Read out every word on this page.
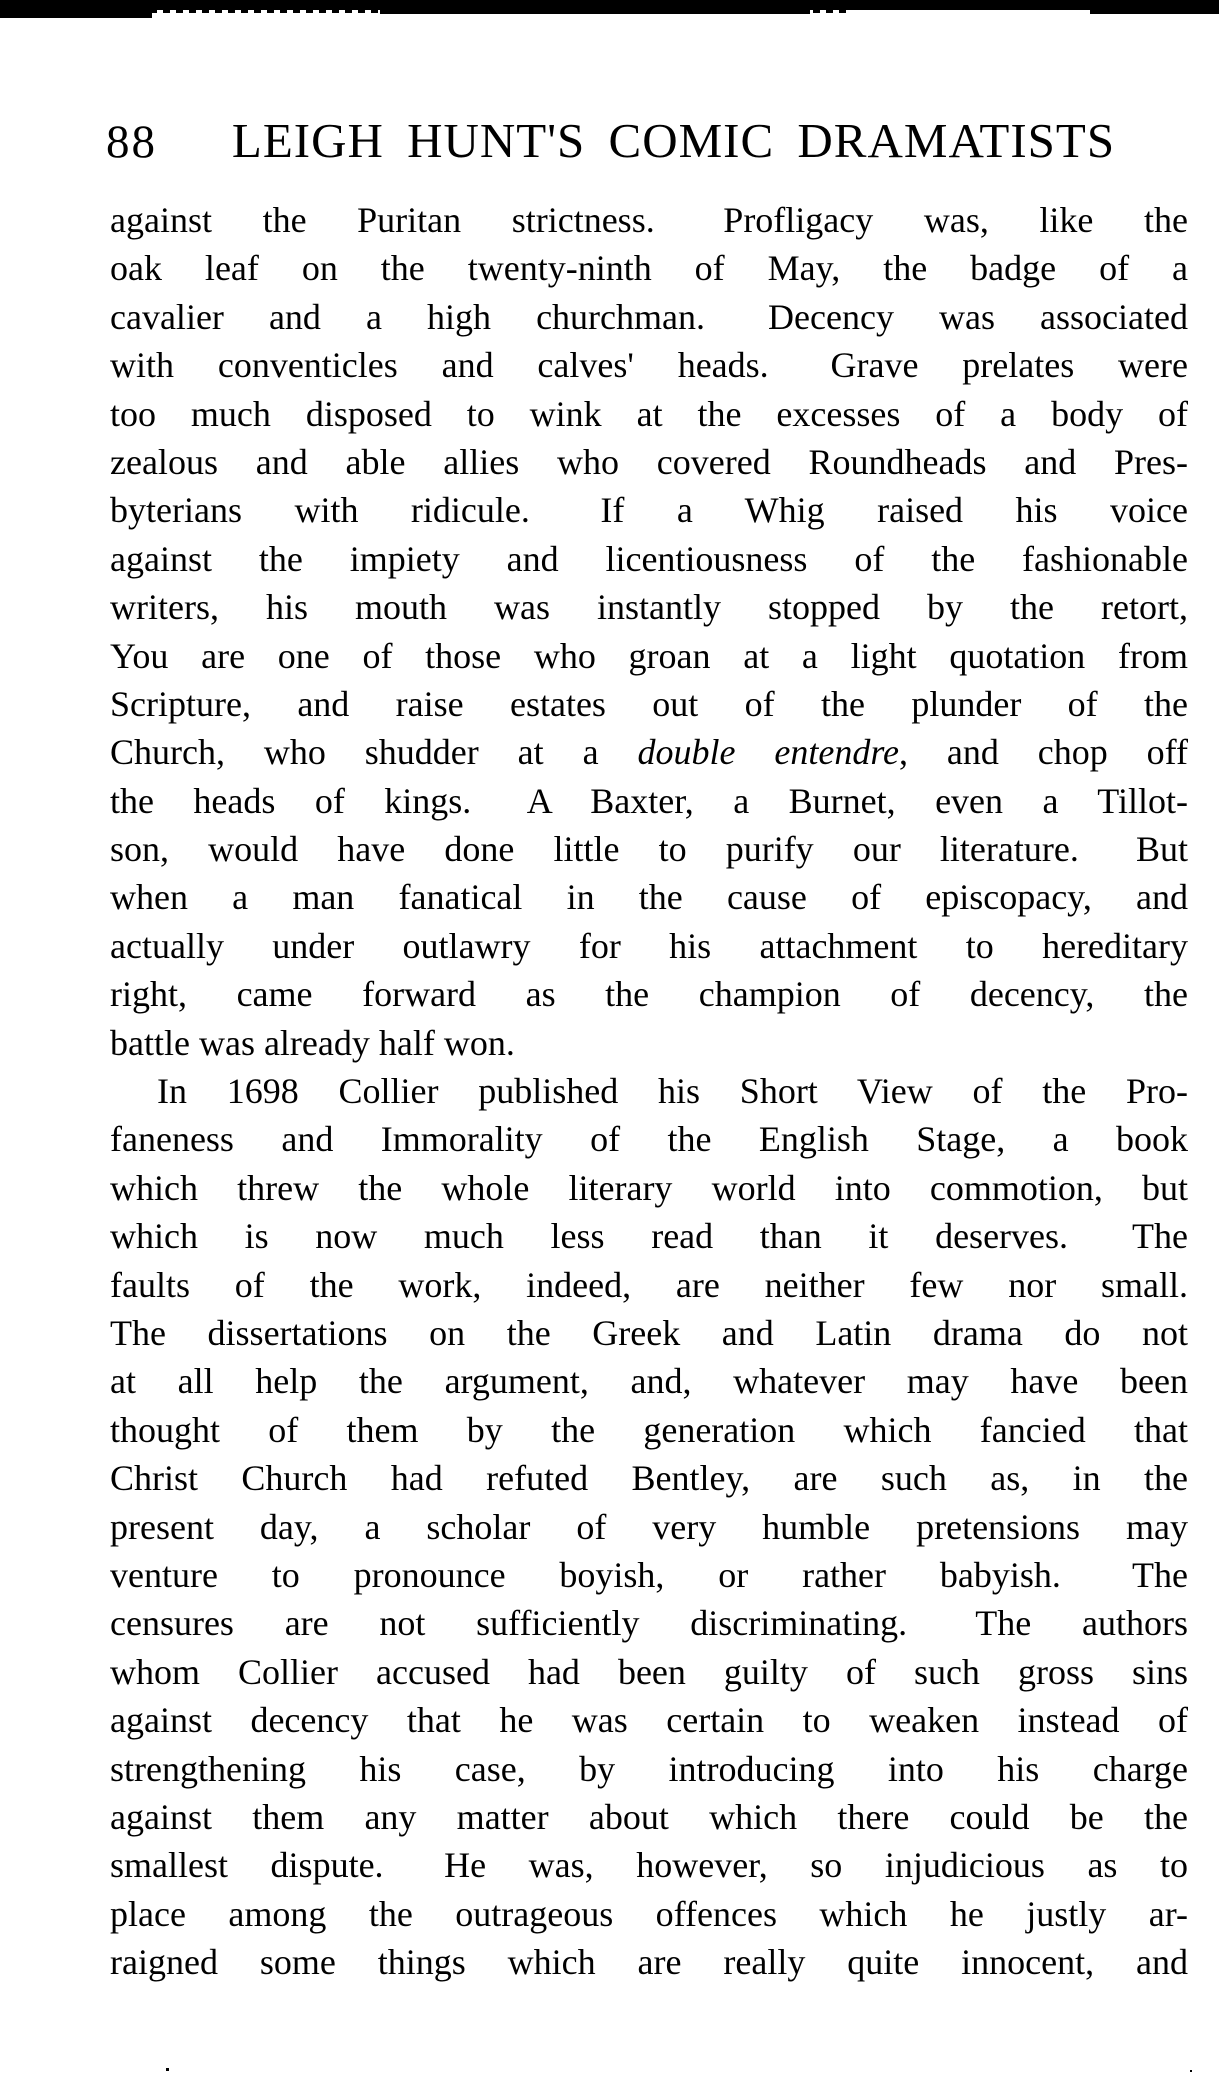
88	LEIGH HUNT'S COMIC DRAMATISTS
against the Puritan strictness.  Profligacy was, like the
oak leaf on the twenty-ninth of May, the badge of a
cavalier and a high churchman.  Decency was associated
with conventicles and calves' heads.  Grave prelates were
too much disposed to wink at the excesses of a body of
zealous and able allies who covered Roundheads and Pres-
byterians with ridicule.  If a Whig raised his voice
against the impiety and licentiousness of the fashionable
writers, his mouth was instantly stopped by the retort,
You are one of those who groan at a light quotation from
Scripture, and raise estates out of the plunder of the
Church, who shudder at a double entendre, and chop off
the heads of kings.  A Baxter, a Burnet, even a Tillot-
son, would have done little to purify our literature.  But
when a man fanatical in the cause of episcopacy, and
actually under outlawry for his attachment to hereditary
right, came forward as the champion of decency, the
battle was already half won.
In 1698 Collier published his Short View of the Pro-
faneness and Immorality of the English Stage, a book
which threw the whole literary world into commotion, but
which is now much less read than it deserves.  The
faults of the work, indeed, are neither few nor small.
The dissertations on the Greek and Latin drama do not
at all help the argument, and, whatever may have been
thought of them by the generation which fancied that
Christ Church had refuted Bentley, are such as, in the
present day, a scholar of very humble pretensions may
venture to pronounce boyish, or rather babyish.  The
censures are not sufficiently discriminating.  The authors
whom Collier accused had been guilty of such gross sins
against decency that he was certain to weaken instead of
strengthening his case, by introducing into his charge
against them any matter about which there could be the
smallest dispute.  He was, however, so injudicious as to
place among the outrageous offences which he justly ar-
raigned some things which are really quite innocent, and
